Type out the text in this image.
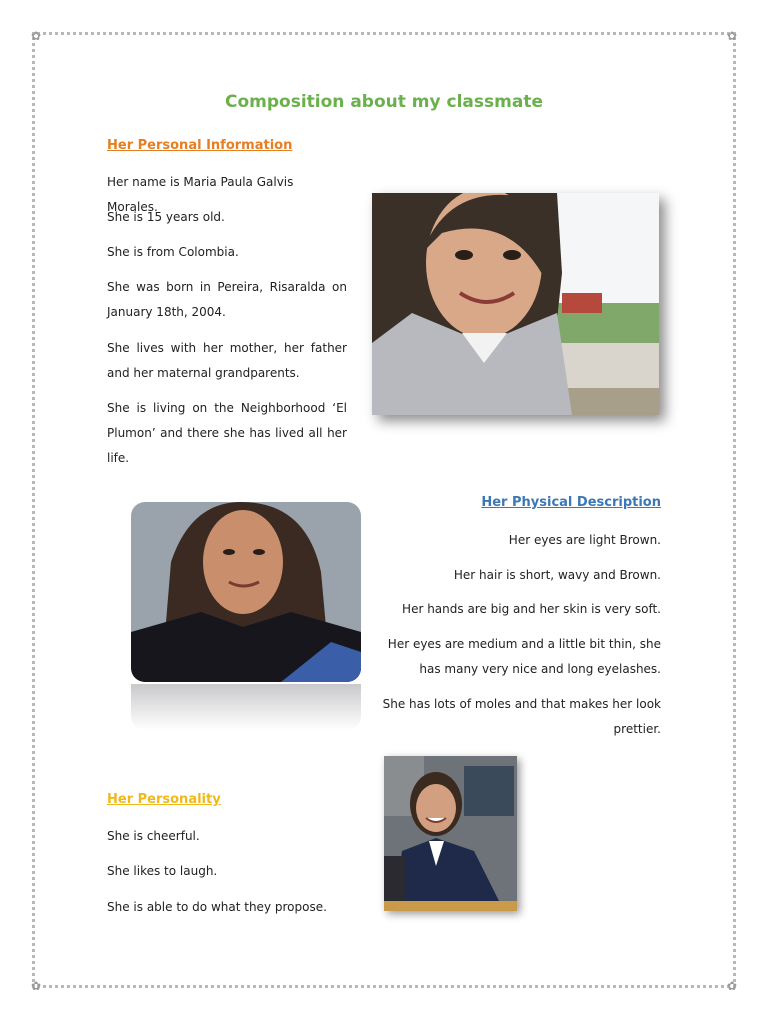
✿	✿
✿	✿
Composition about my classmate
Her Personal Information

Her name is Maria Paula Galvis Morales.

She is 15 years old.

She is from Colombia.

She was born in Pereira, Risaralda on January 18th, 2004.

She lives with her mother, her father and her maternal grandparents.

She is living on the Neighborhood ‘El Plumon’ and there she has lived all her life.

Her Physical Description

Her eyes are light Brown.

Her hair is short, wavy and Brown.

Her hands are big and her skin is very soft.

Her eyes are medium and a little bit thin, she has many very nice and long eyelashes.

She has lots of moles and that makes her look prettier.

Her Personality

She is cheerful.

She likes to laugh.

She is able to do what they propose.
